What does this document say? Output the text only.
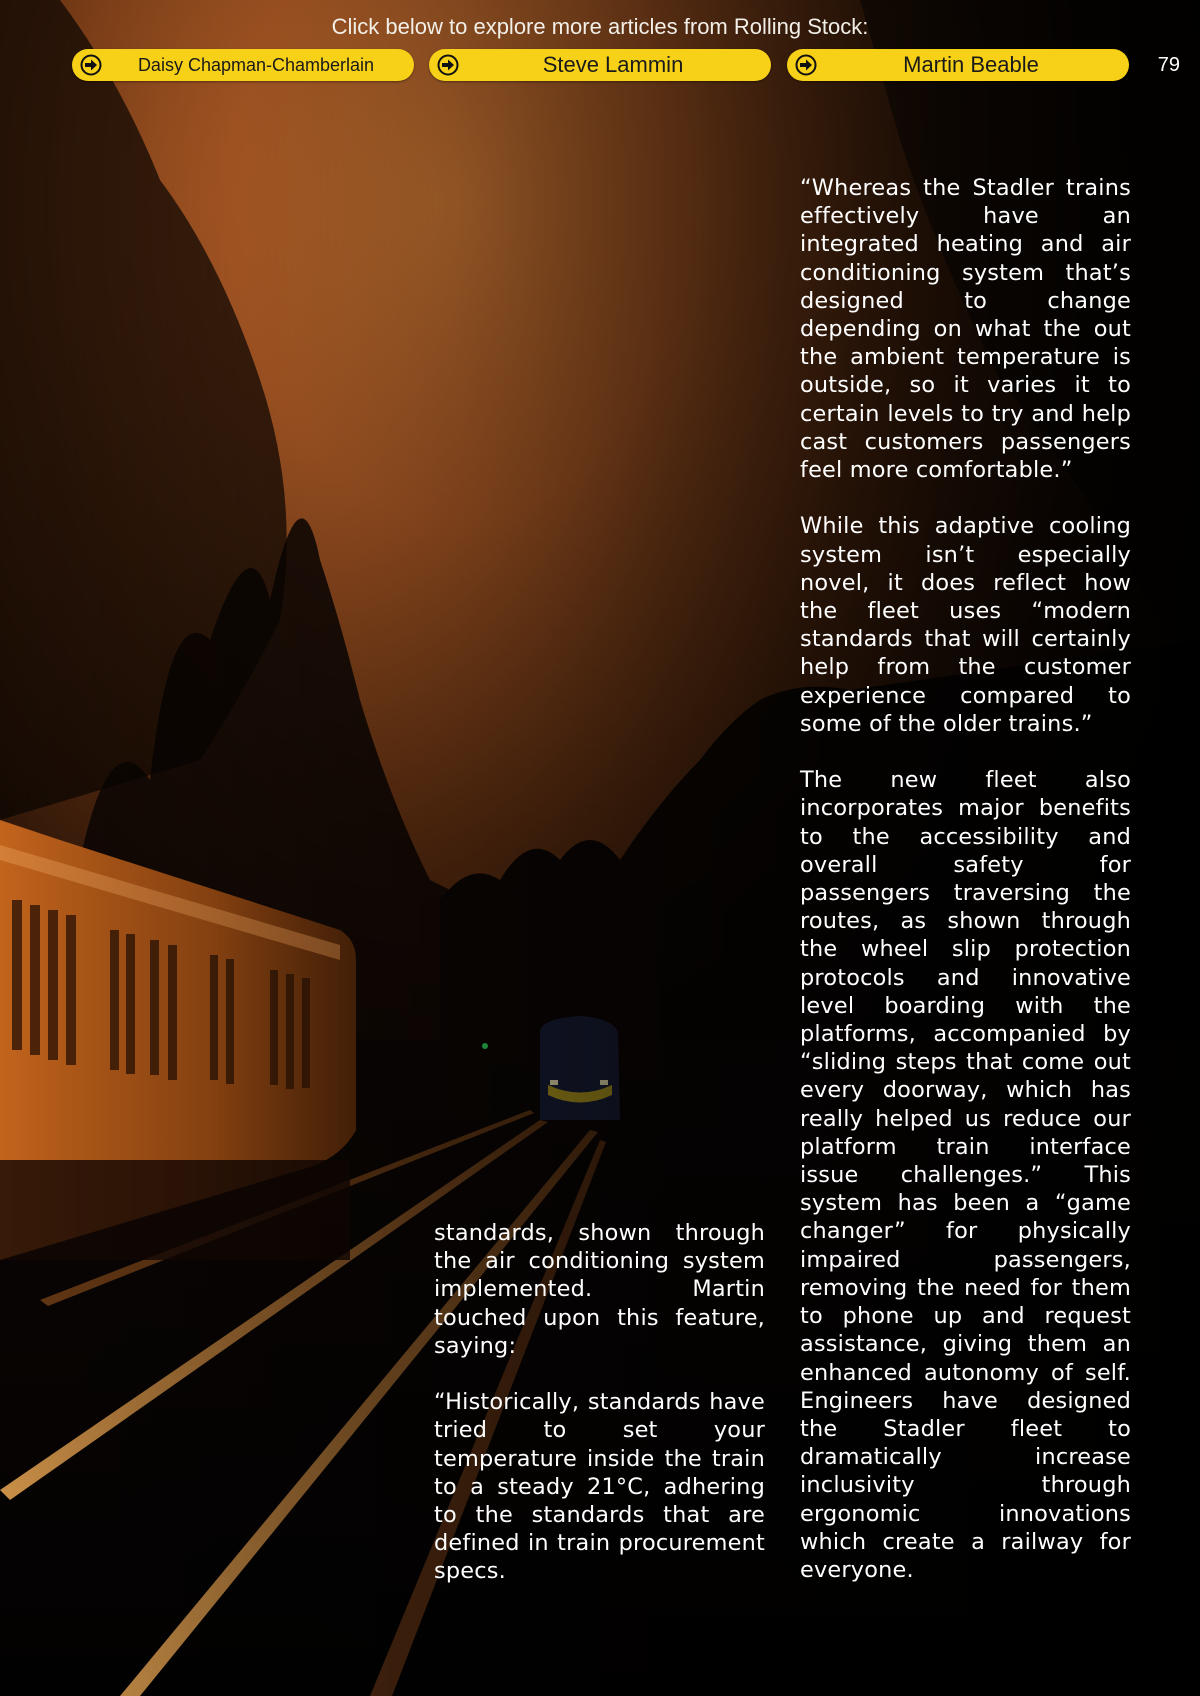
Click below to explore more articles from Rolling Stock:
Daisy Chapman-Chamberlain	Steve Lammin	Martin Beable	79

standards, shown through the air conditioning system implemented. Martin touched upon this feature, saying:

“Historically, standards have tried to set your temperature inside the train to a steady 21°C, adhering to the standards that are defined in train procurement specs.

“Whereas the Stadler trains effectively have an integrated heating and air conditioning system that’s designed to change depending on what the out the ambient temperature is outside, so it varies it to certain levels to try and help cast customers passengers feel more comfortable.”

While this adaptive cooling system isn’t especially novel, it does reflect how the fleet uses “modern standards that will certainly help from the customer experience compared to some of the older trains.”

The new fleet also incorporates major benefits to the accessibility and overall safety for passengers traversing the routes, as shown through the wheel slip protection protocols and innovative level boarding with the platforms, accompanied by “sliding steps that come out every doorway, which has really helped us reduce our platform train interface issue challenges.” This system has been a “game changer” for physically impaired passengers, removing the need for them to phone up and request assistance, giving them an enhanced autonomy of self. Engineers have designed the Stadler fleet to dramatically increase inclusivity through ergonomic innovations which create a railway for everyone.
